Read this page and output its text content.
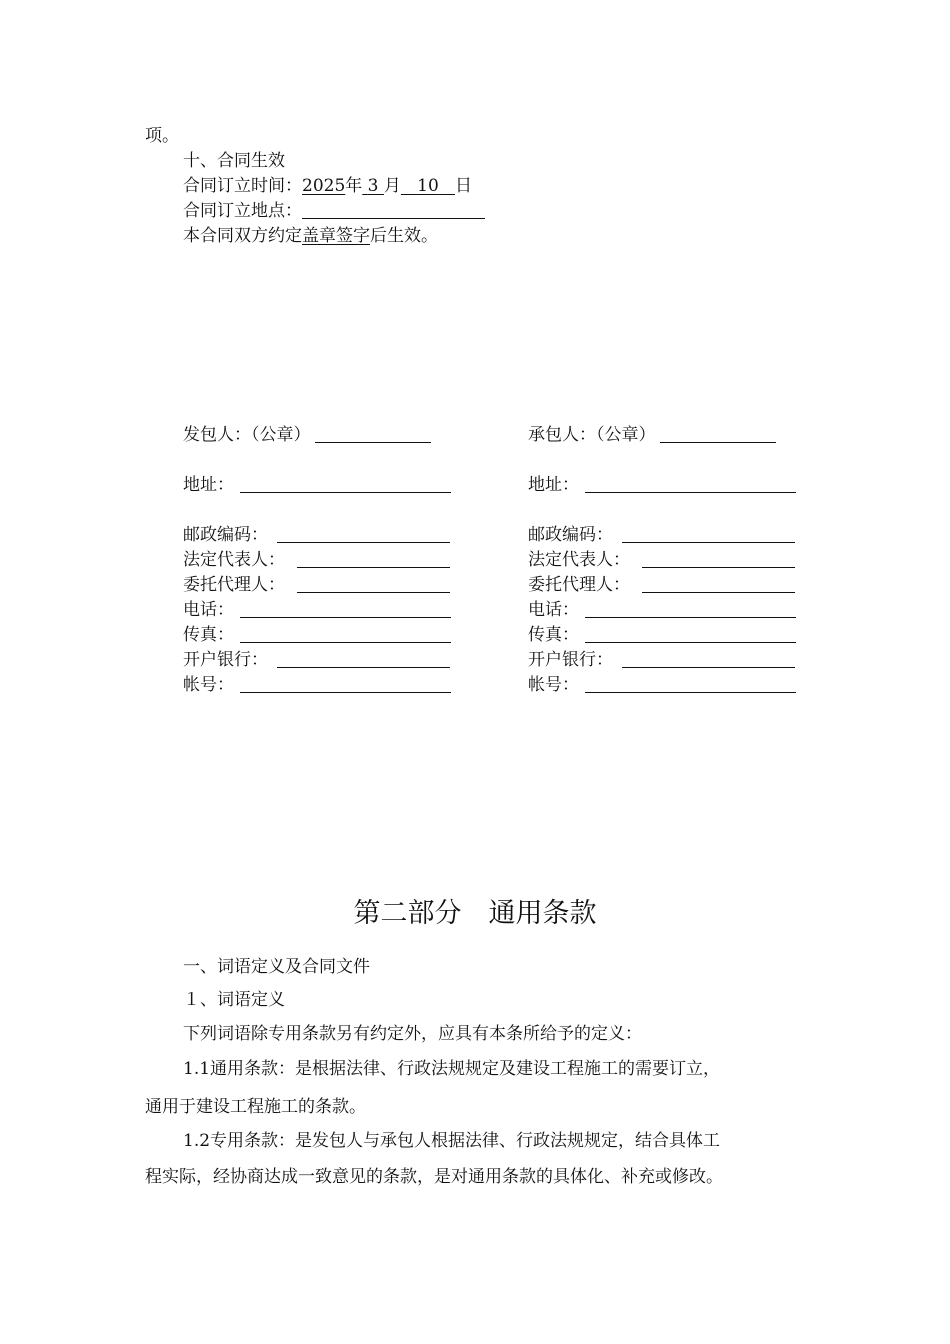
项。
十、合同生效
合同订立时间：2025年 3 月 10 日
合同订立地点：
本合同双方约定盖章签字后生效。
发包人：（公章）
地址：
邮政编码：
法定代表人：
委托代理人：
电话：
传真：
开户银行：
帐号：
承包人：（公章）
地址：
邮政编码：
法定代表人：
委托代理人：
电话：
传真：
开户银行：
帐号：
第二部分　通用条款
一、词语定义及合同文件
１、词语定义
下列词语除专用条款另有约定外，应具有本条所给予的定义：
1.1通用条款：是根据法律、行政法规规定及建设工程施工的需要订立，
通用于建设工程施工的条款。
1.2专用条款：是发包人与承包人根据法律、行政法规规定，结合具体工
程实际，经协商达成一致意见的条款，是对通用条款的具体化、补充或修改。
